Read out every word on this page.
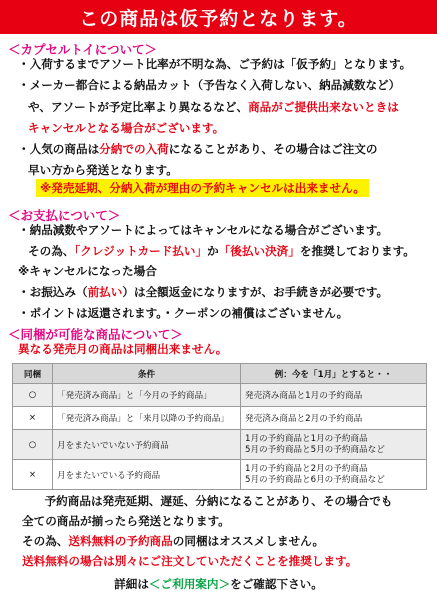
この商品は仮予約となります。
＜カプセルトイについて＞
・入荷するまでアソート比率が不明な為、ご予約は「仮予約」となります。
・メーカー都合による納品カット（予告なく入荷しない、納品減数など）
や、アソートが予定比率より異なるなど、商品がご提供出来ないときは
キャンセルとなる場合がございます。
・人気の商品は分納での入荷になることがあり、その場合はご注文の
早い方から発送となります。
※発売延期、分納入荷が理由の予約キャンセルは出来ません。
＜お支払について＞
・納品減数やアソートによってはキャンセルになる場合がございます。
その為、「クレジットカード払い」か「後払い決済」を推奨しております。
※キャンセルになった場合
・お振込み（前払い）は全額返金になりますが、お手続きが必要です。
・ポイントは返還されます。・クーポンの補償はございません。
＜同梱が可能な商品について＞
異なる発売月の商品は同梱出来ません。
同梱	条件	例：今を「1月」とすると・・
○	「発売済み商品」と「今月の予約商品」	発売済み商品と1月の予約商品
×	「発売済み商品」と「来月以降の予約商品」	発売済み商品と2月の予約商品
○	月をまたいでいない予約商品	1月の予約商品と1月の予約商品
5月の予約商品と5月の予約商品など

×	月をまたいでいる予約商品	1月の予約商品と2月の予約商品
5月の予約商品と6月の予約商品など
予約商品は発売延期、遅延、分納になることがあり、その場合でも
全ての商品が揃ったら発送となります。
その為、送料無料の予約商品の同梱はオススメしません。
送料無料の場合は別々にご注文していただくことを推奨します。
詳細は＜ご利用案内＞をご確認下さい。
